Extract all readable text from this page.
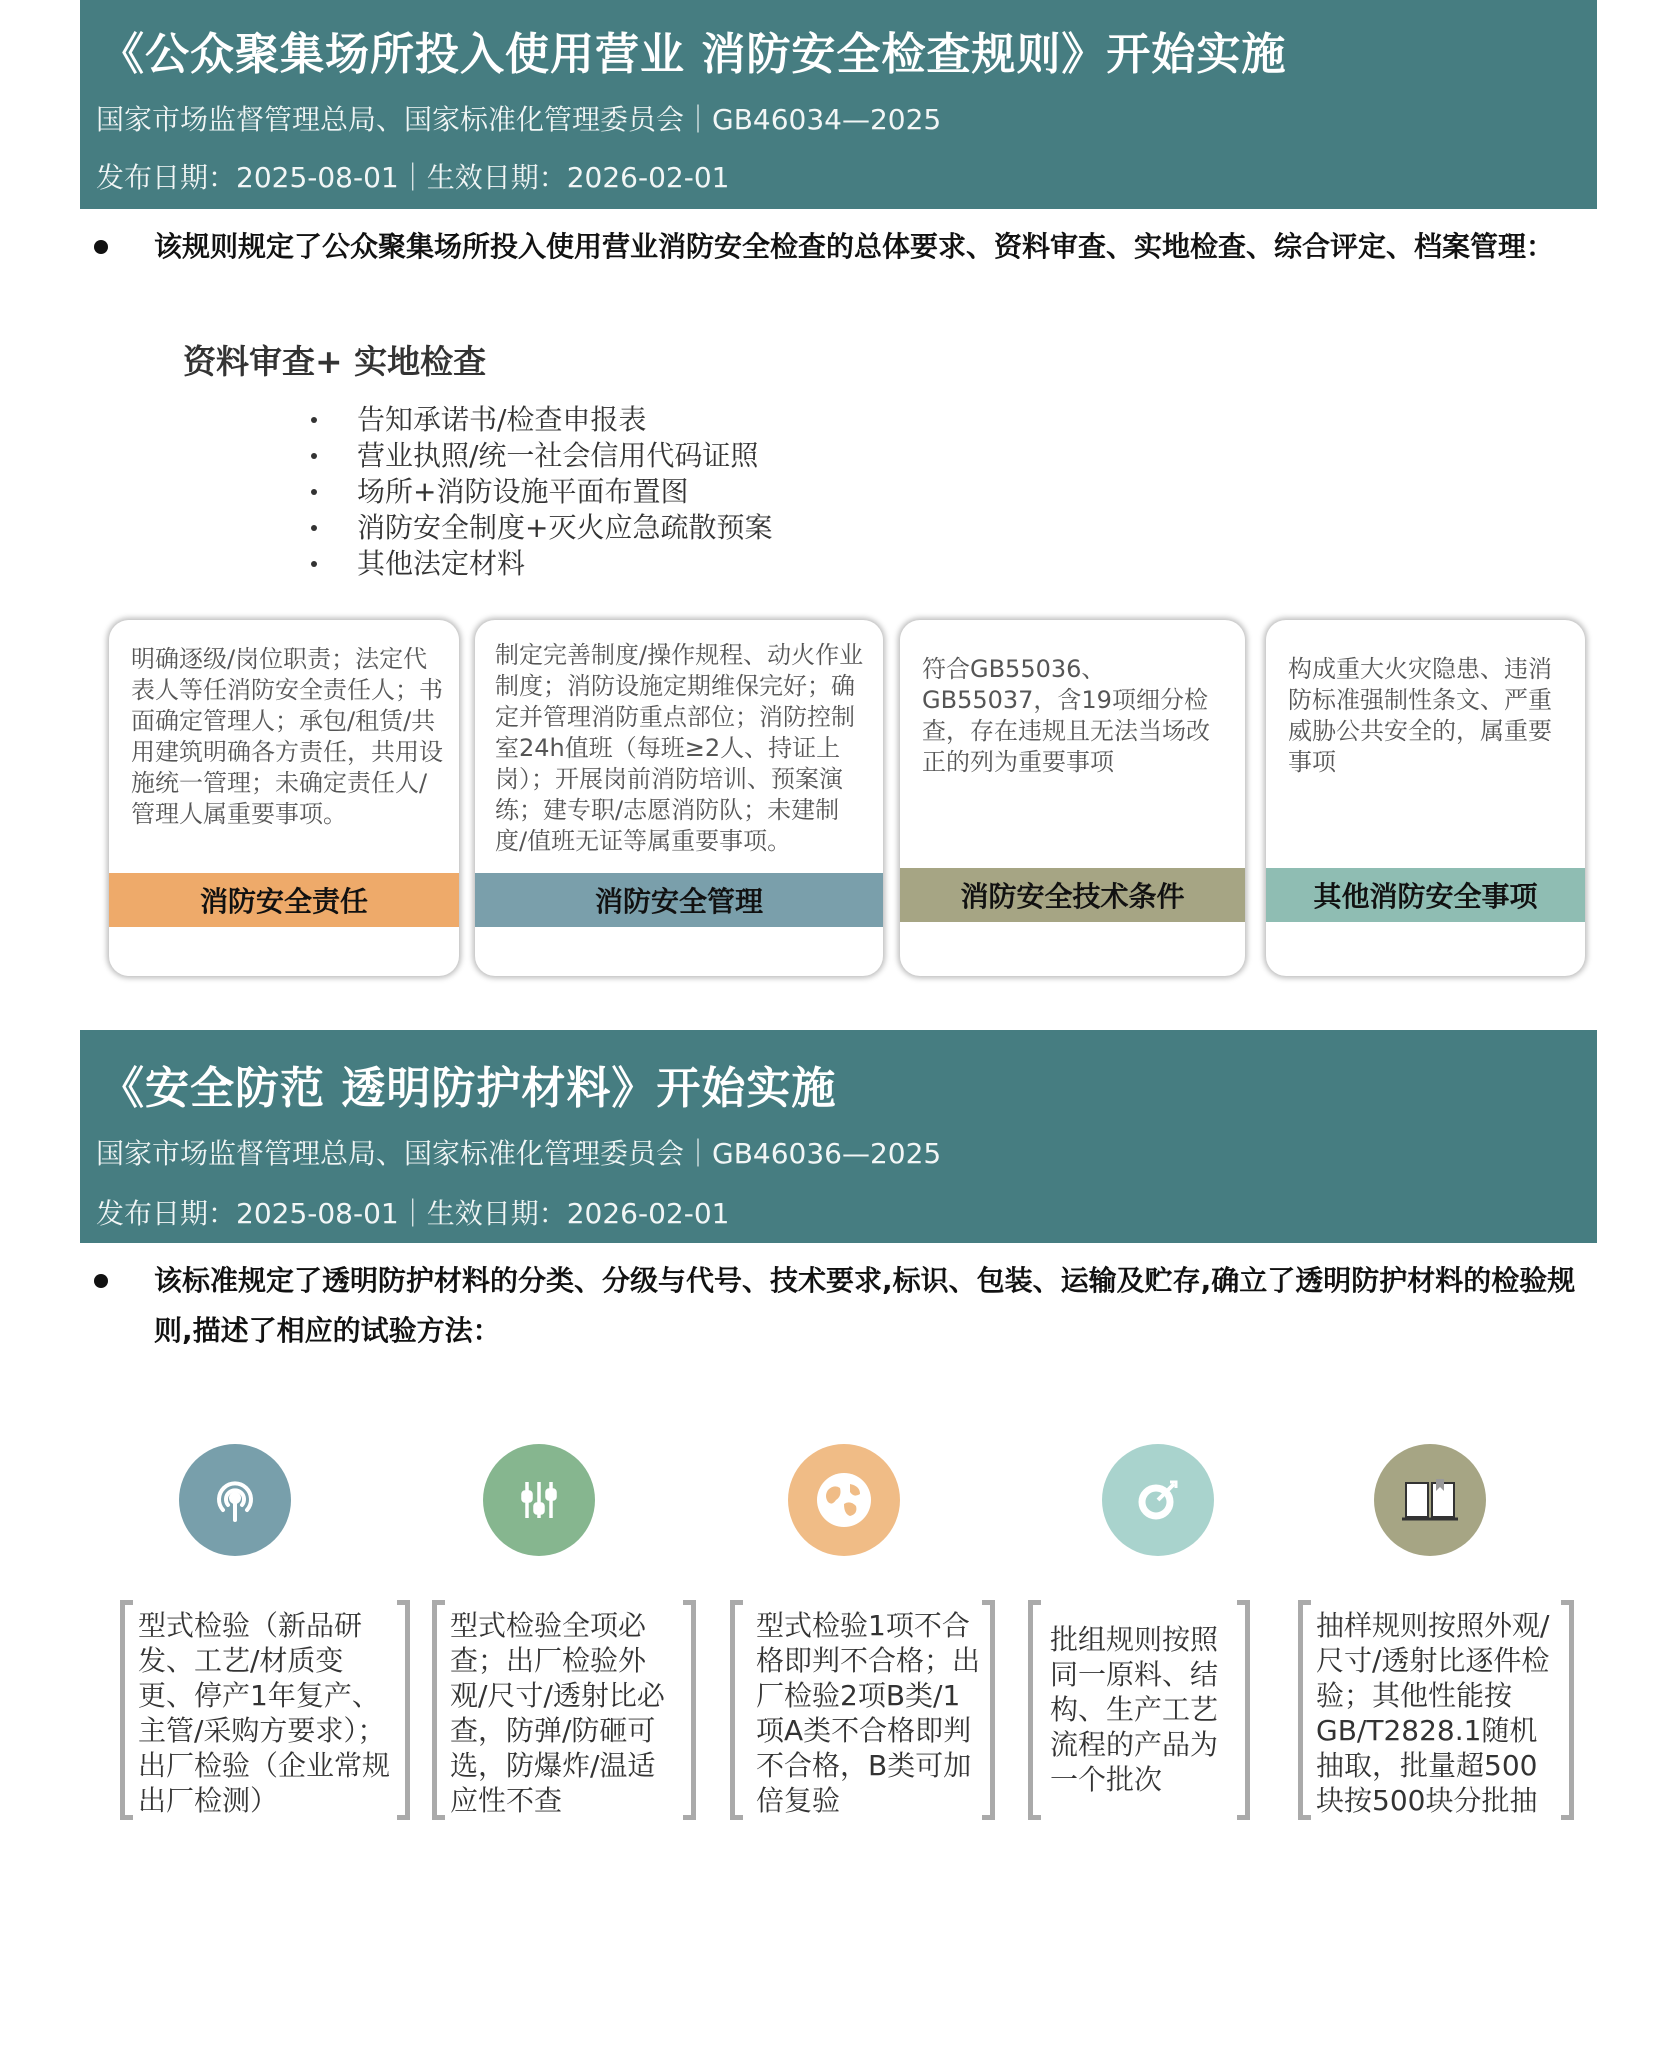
《公众聚集场所投入使用营业 消防安全检查规则》开始实施
国家市场监督管理总局、国家标准化管理委员会｜GB46034—2025
发布日期：2025-08-01｜生效日期：2026-02-01
该规则规定了公众聚集场所投入使用营业消防安全检查的总体要求、资料审查、实地检查、综合评定、档案管理：
资料审查+ 实地检查
告知承诺书/检查申报表
营业执照/统一社会信用代码证照
场所+消防设施平面布置图
消防安全制度+灭火应急疏散预案
其他法定材料
明确逐级/岗位职责；法定代表人等任消防安全责任人；书面确定管理人；承包/租赁/共用建筑明确各方责任，共用设施统一管理；未确定责任人/管理人属重要事项。
消防安全责任
制定完善制度/操作规程、动火作业制度；消防设施定期维保完好；确定并管理消防重点部位；消防控制室24h值班（每班≥2人、持证上岗）；开展岗前消防培训、预案演练；建专职/志愿消防队；未建制度/值班无证等属重要事项。
消防安全管理
符合GB55036、GB55037，含19项细分检查，存在违规且无法当场改正的列为重要事项
消防安全技术条件
构成重大火灾隐患、违消防标准强制性条文、严重威胁公共安全的，属重要事项
其他消防安全事项
《安全防范 透明防护材料》开始实施
国家市场监督管理总局、国家标准化管理委员会｜GB46036—2025
发布日期：2025-08-01｜生效日期：2026-02-01
该标准规定了透明防护材料的分类、分级与代号、技术要求,标识、包装、运输及贮存,确立了透明防护材料的检验规则,描述了相应的试验方法：
型式检验（新品研发、工艺/材质变更、停产1年复产、主管/采购方要求）；出厂检验（企业常规出厂检测）
型式检验全项必查；出厂检验外观/尺寸/透射比必查，防弹/防砸可选，防爆炸/温适应性不查
型式检验1项不合格即判不合格；出厂检验2项B类/1项A类不合格即判不合格，B类可加倍复验
批组规则按照同一原料、结构、生产工艺流程的产品为一个批次
抽样规则按照外观/尺寸/透射比逐件检验；其他性能按GB/T2828.1随机抽取，批量超500块按500块分批抽
